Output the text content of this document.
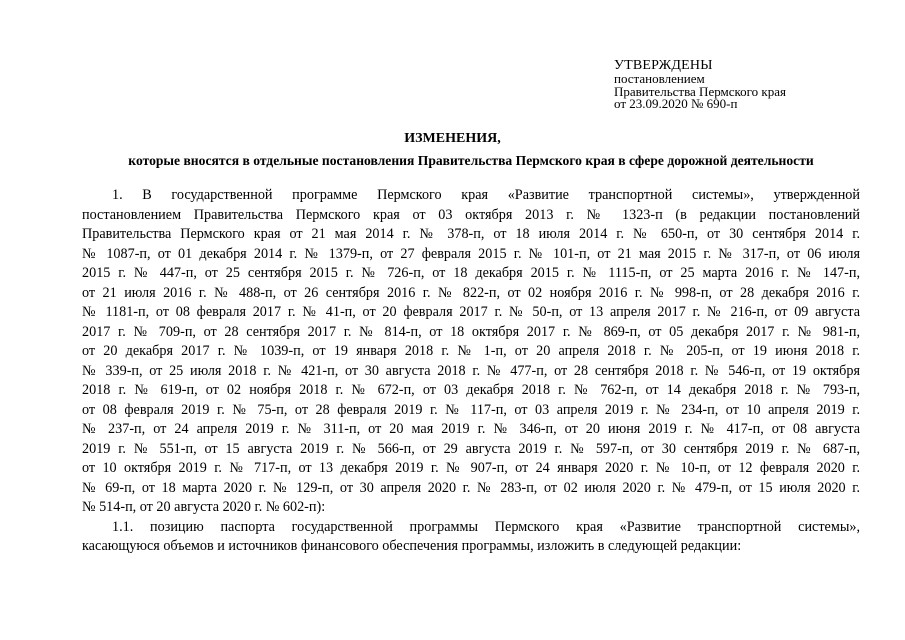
УТВЕРЖДЕНЫ
постановлением
Правительства Пермского края
от 23.09.2020 № 690-п
ИЗМЕНЕНИЯ,
которые вносятся в отдельные постановления Правительства Пермского края в сфере дорожной деятельности
1. В государственной программе Пермского края «Развитие транспортной системы», утвержденной
постановлением Правительства Пермского края от 03 октября 2013 г. № 1323-п (в редакции постановлений
Правительства Пермского края от 21 мая 2014 г. № 378-п, от 18 июля 2014 г. № 650-п, от 30 сентября 2014 г.
№ 1087-п, от 01 декабря 2014 г. № 1379-п, от 27 февраля 2015 г. № 101-п, от 21 мая 2015 г. № 317-п, от 06 июля
2015 г. № 447-п, от 25 сентября 2015 г. № 726-п, от 18 декабря 2015 г. № 1115-п, от 25 марта 2016 г. № 147-п,
от 21 июля 2016 г. № 488-п, от 26 сентября 2016 г. № 822-п, от 02 ноября 2016 г. № 998-п, от 28 декабря 2016 г.
№ 1181-п, от 08 февраля 2017 г. № 41-п, от 20 февраля 2017 г. № 50-п, от 13 апреля 2017 г. № 216-п, от 09 августа
2017 г. № 709-п, от 28 сентября 2017 г. № 814-п, от 18 октября 2017 г. № 869-п, от 05 декабря 2017 г. № 981-п,
от 20 декабря 2017 г. № 1039-п, от 19 января 2018 г. № 1-п, от 20 апреля 2018 г. № 205-п, от 19 июня 2018 г.
№ 339-п, от 25 июля 2018 г. № 421-п, от 30 августа 2018 г. № 477-п, от 28 сентября 2018 г. № 546-п, от 19 октября
2018 г. № 619-п, от 02 ноября 2018 г. № 672-п, от 03 декабря 2018 г. № 762-п, от 14 декабря 2018 г. № 793-п,
от 08 февраля 2019 г. № 75-п, от 28 февраля 2019 г. № 117-п, от 03 апреля 2019 г. № 234-п, от 10 апреля 2019 г.
№ 237-п, от 24 апреля 2019 г. № 311-п, от 20 мая 2019 г. № 346-п, от 20 июня 2019 г. № 417-п, от 08 августа
2019 г. № 551-п, от 15 августа 2019 г. № 566-п, от 29 августа 2019 г. № 597-п, от 30 сентября 2019 г. № 687-п,
от 10 октября 2019 г. № 717-п, от 13 декабря 2019 г. № 907-п, от 24 января 2020 г. № 10-п, от 12 февраля 2020 г.
№ 69-п, от 18 марта 2020 г. № 129-п, от 30 апреля 2020 г. № 283-п, от 02 июля 2020 г. № 479-п, от 15 июля 2020 г.
№ 514-п, от 20 августа 2020 г. № 602-п):
1.1. позицию паспорта государственной программы Пермского края «Развитие транспортной системы»,
касающуюся объемов и источников финансового обеспечения программы, изложить в следующей редакции:
